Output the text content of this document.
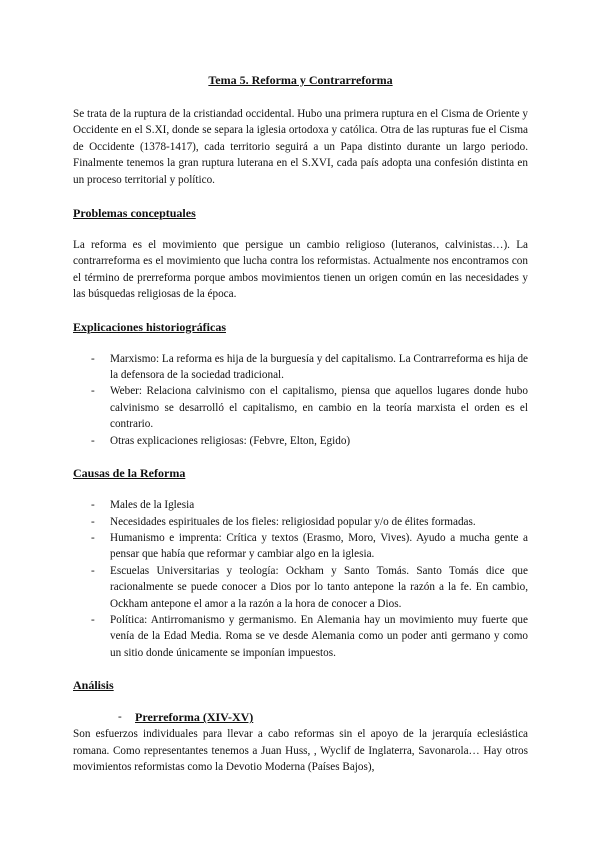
Tema 5. Reforma y Contrarreforma

Se trata de la ruptura de la cristiandad occidental. Hubo una primera ruptura en el Cisma de Oriente y Occidente en el S.XI, donde se separa la iglesia ortodoxa y católica. Otra de las rupturas fue el Cisma de Occidente (1378-1417), cada territorio seguirá a un Papa distinto durante un largo periodo. Finalmente tenemos la gran ruptura luterana en el S.XVI, cada país adopta una confesión distinta en un proceso territorial y político.

Problemas conceptuales

La reforma es el movimiento que persigue un cambio religioso (luteranos, calvinistas…). La contrarreforma es el movimiento que lucha contra los reformistas. Actualmente nos encontramos con el término de prerreforma porque ambos movimientos tienen un origen común en las necesidades y las búsquedas religiosas de la época.

Explicaciones historiográficas
- Marxismo: La reforma es hija de la burguesía y del capitalismo. La Contrarreforma es hija de la defensora de la sociedad tradicional.
- Weber: Relaciona calvinismo con el capitalismo, piensa que aquellos lugares donde hubo calvinismo se desarrolló el capitalismo, en cambio en la teoría marxista el orden es el contrario.
- Otras explicaciones religiosas: (Febvre, Elton, Egido)
Causas de la Reforma
- Males de la Iglesia
- Necesidades espirituales de los fieles: religiosidad popular y/o de élites formadas.
- Humanismo e imprenta: Crítica y textos (Erasmo, Moro, Vives). Ayudo a mucha gente a pensar que había que reformar y cambiar algo en la iglesia.
- Escuelas Universitarias y teología: Ockham y Santo Tomás. Santo Tomás dice que racionalmente se puede conocer a Dios por lo tanto antepone la razón a la fe. En cambio, Ockham antepone el amor a la razón a la hora de conocer a Dios.
- Política: Antirromanismo y germanismo. En Alemania hay un movimiento muy fuerte que venía de la Edad Media. Roma se ve desde Alemania como un poder anti germano y como un sitio donde únicamente se imponían impuestos.
Análisis
- Prerreforma (XIV-XV)

Son esfuerzos individuales para llevar a cabo reformas sin el apoyo de la jerarquía eclesiástica romana. Como representantes tenemos a Juan Huss, , Wyclif de Inglaterra, Savonarola… Hay otros movimientos reformistas como la Devotio Moderna (Países Bajos),
